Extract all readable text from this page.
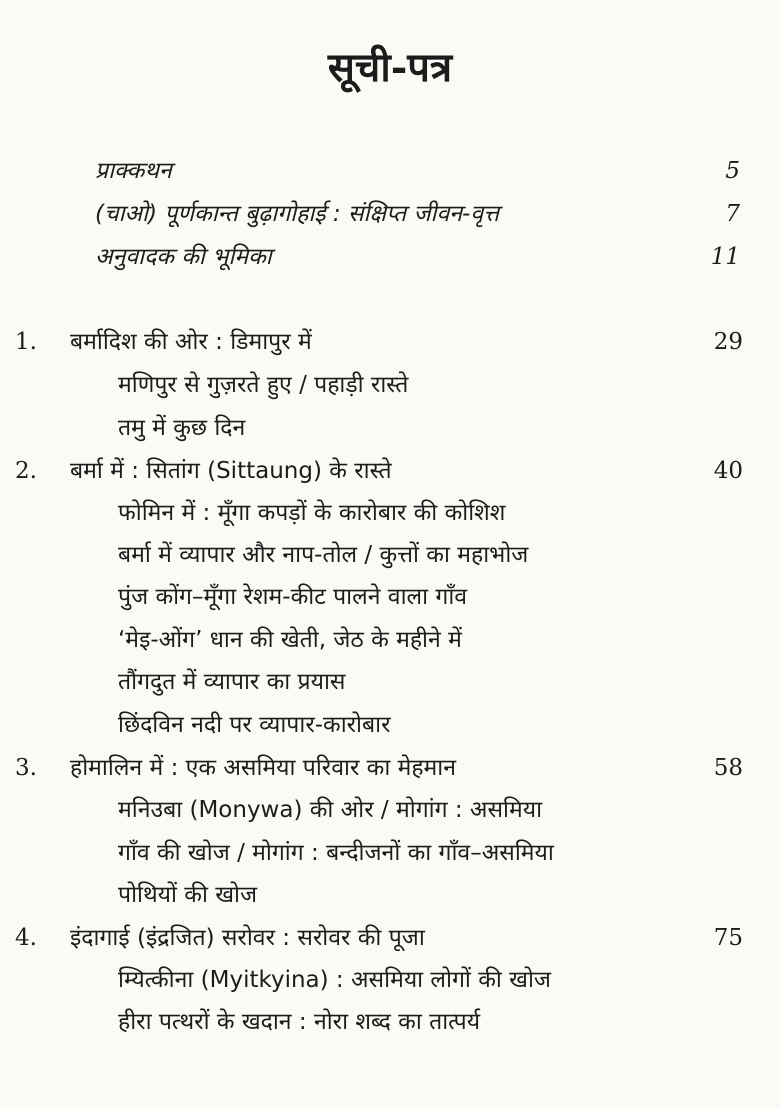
सूची-पत्र
प्राक्कथन	5
(चाओ) पूर्णकान्त बुढ़ागोहाई : संक्षिप्त जीवन-वृत्त	7
अनुवादक की भूमिका	11
1. बर्मादिश की ओर : डिमापुर में	29
मणिपुर से गुज़रते हुए / पहाड़ी रास्ते
तमु में कुछ दिन
2. बर्मा में : सितांग (Sittaung) के रास्ते	40
फोमिन में : मूँगा कपड़ों के कारोबार की कोशिश
बर्मा में व्यापार और नाप-तोल / कुत्तों का महाभोज
पुंज कोंग–मूँगा रेशम-कीट पालने वाला गाँव
‘मेइ-ओंग’ धान की खेती, जेठ के महीने में
तौंगदुत में व्यापार का प्रयास
छिंदविन नदी पर व्यापार-कारोबार
3. होमालिन में : एक असमिया परिवार का मेहमान	58
मनिउबा (Monywa) की ओर / मोगांग : असमिया
गाँव की खोज / मोगांग : बन्दीजनों का गाँव–असमिया
पोथियों की खोज
4. इंदागाई (इंद्रजित) सरोवर : सरोवर की पूजा	75
म्यित्कीना (Myitkyina) : असमिया लोगों की खोज
हीरा पत्थरों के खदान : नोरा शब्द का तात्पर्य
